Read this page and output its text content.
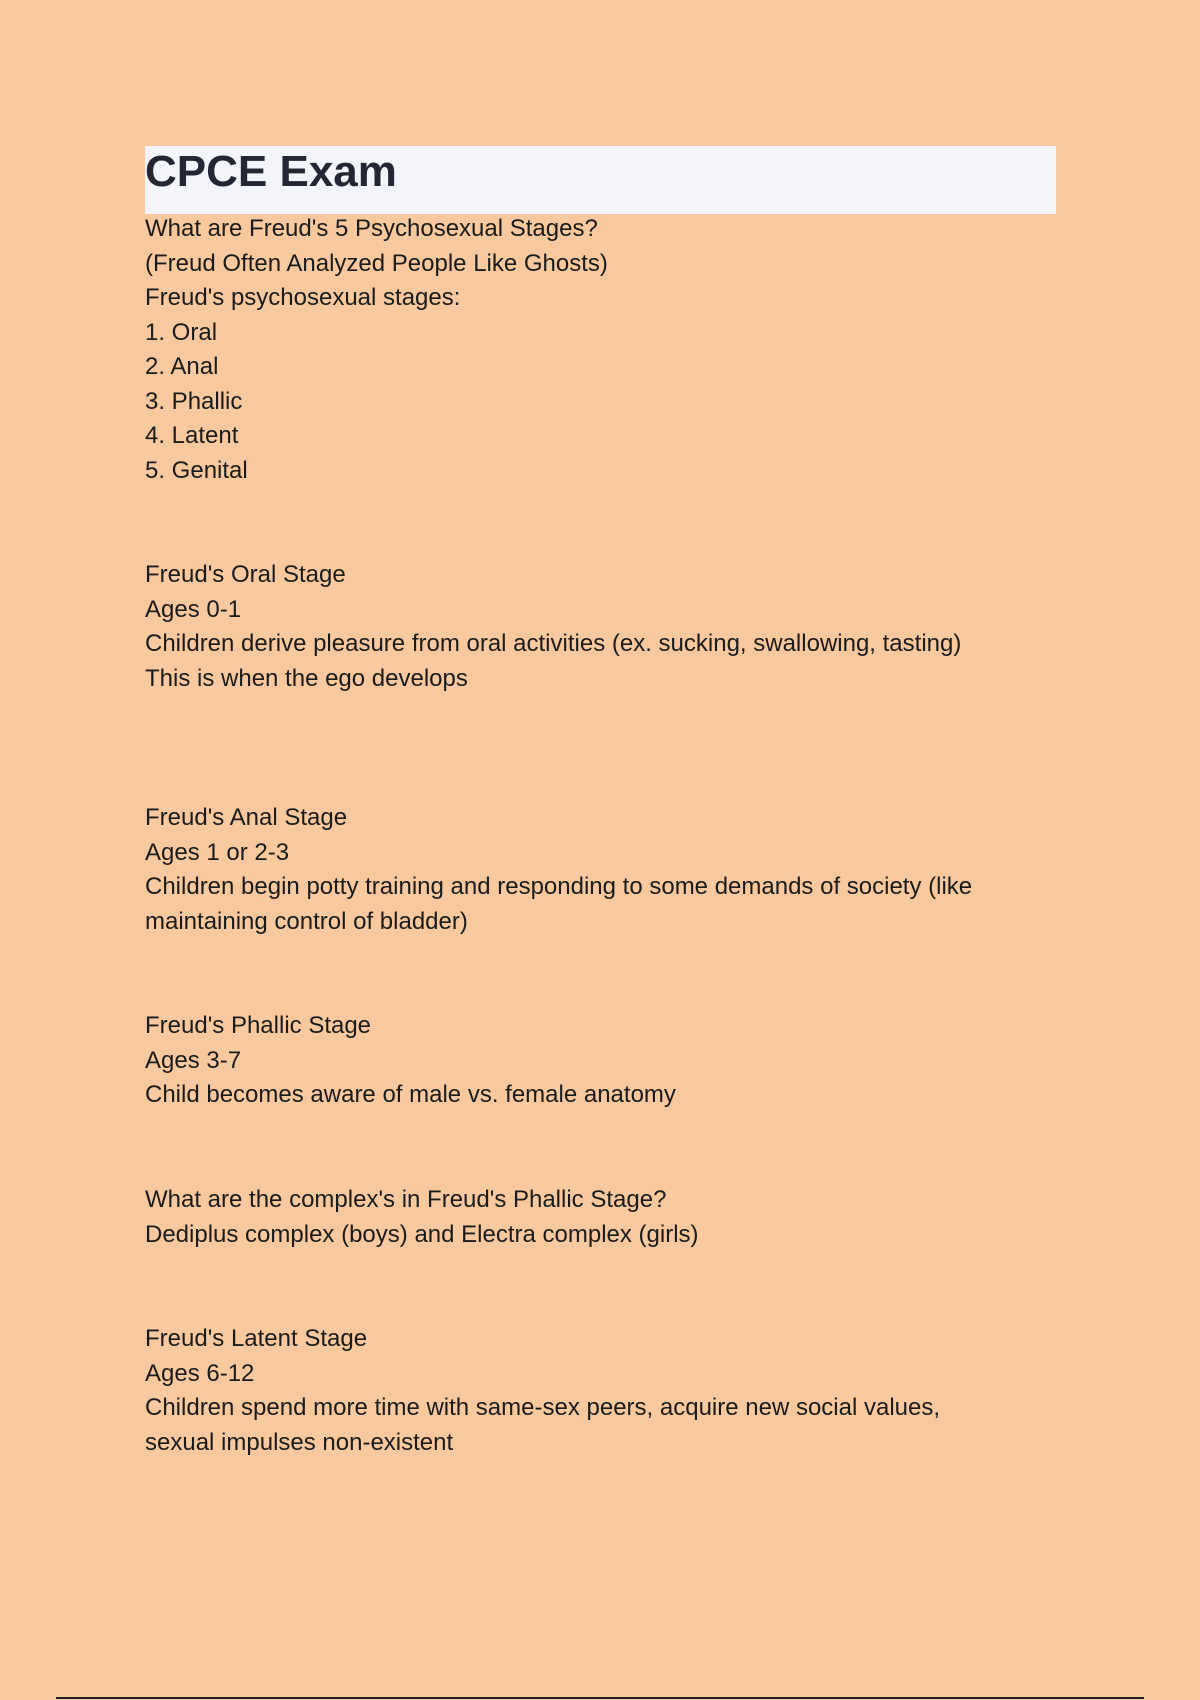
CPCE Exam
What are Freud's 5 Psychosexual Stages?
(Freud Often Analyzed People Like Ghosts)
Freud's psychosexual stages:
1. Oral
2. Anal
3. Phallic
4. Latent
5. Genital
Freud's Oral Stage
Ages 0-1
Children derive pleasure from oral activities (ex. sucking, swallowing, tasting)
This is when the ego develops
Freud's Anal Stage
Ages 1 or 2-3
Children begin potty training and responding to some demands of society (like
maintaining control of bladder)
Freud's Phallic Stage
Ages 3-7
Child becomes aware of male vs. female anatomy
What are the complex's in Freud's Phallic Stage?
Dediplus complex (boys) and Electra complex (girls)
Freud's Latent Stage
Ages 6-12
Children spend more time with same-sex peers, acquire new social values,
sexual impulses non-existent
